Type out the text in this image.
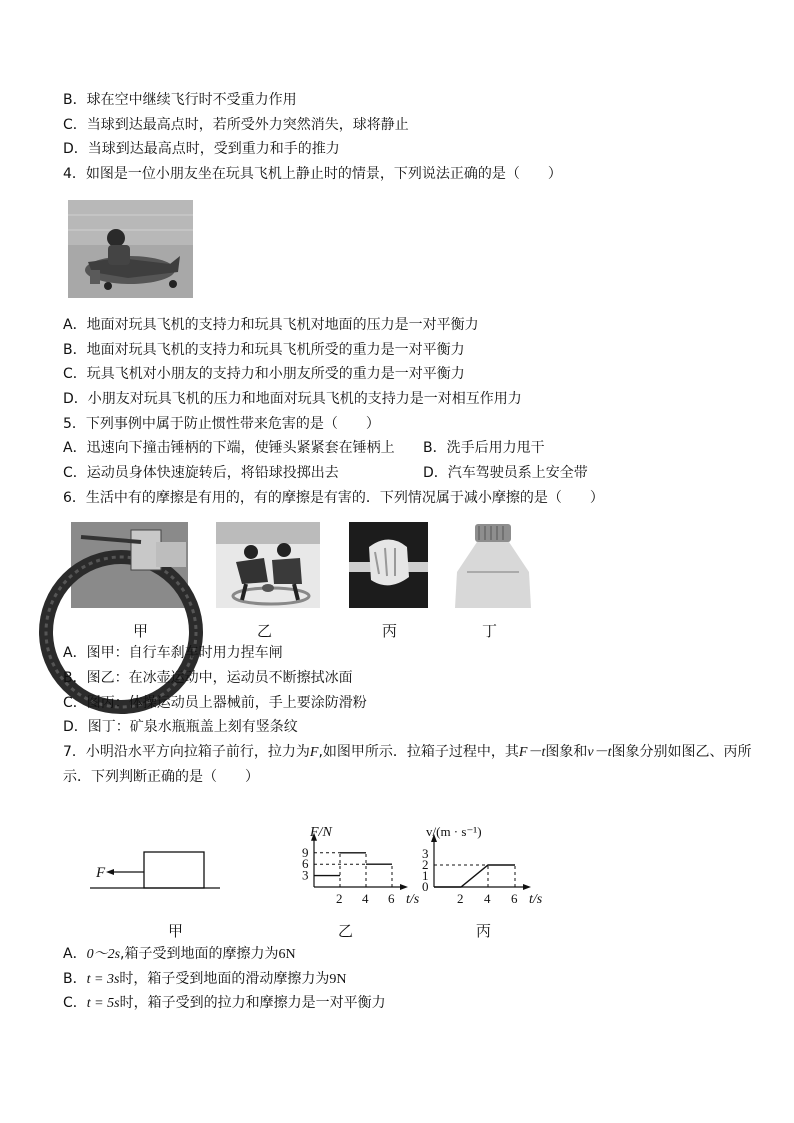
B．球在空中继续飞行时不受重力作用
C．当球到达最高点时，若所受外力突然消失，球将静止
D．当球到达最高点时，受到重力和手的推力
4．如图是一位小朋友坐在玩具飞机上静止时的情景，下列说法正确的是（　　）
A．地面对玩具飞机的支持力和玩具飞机对地面的压力是一对平衡力
B．地面对玩具飞机的支持力和玩具飞机所受的重力是一对平衡力
C．玩具飞机对小朋友的支持力和小朋友所受的重力是一对平衡力
D．小朋友对玩具飞机的压力和地面对玩具飞机的支持力是一对相互作用力
5．下列事例中属于防止惯性带来危害的是（　　）
A．迅速向下撞击锤柄的下端，使锤头紧紧套在锤柄上 B．洗手后用力甩干
C．运动员身体快速旋转后，将铅球投掷出去	D．汽车驾驶员系上安全带
6．生活中有的摩擦是有用的，有的摩擦是有害的．下列情况属于减小摩擦的是（　　）
甲	乙	丙	丁
A．图甲：自行车刹车时用力捏车闸
B．图乙：在冰壶运动中，运动员不断擦拭冰面
C．图丙：体操运动员上器械前，手上要涂防滑粉
D．图丁：矿泉水瓶瓶盖上刻有竖条纹
7．小明沿水平方向拉箱子前行，拉力为F,如图甲所示．拉箱子过程中，其F－t图象和v－t图象分别如图乙、丙所示．下列判断正确的是（　　）
F
2 4 6
3
6
9
F/N
t/s	2 4 6
1
2
3
0
v/(m · s⁻¹)
t/s
甲	乙	丙
A．0～2s,箱子受到地面的摩擦力为6N
B．t = 3s时，箱子受到地面的滑动摩擦力为9N
C．t = 5s时，箱子受到的拉力和摩擦力是一对平衡力
